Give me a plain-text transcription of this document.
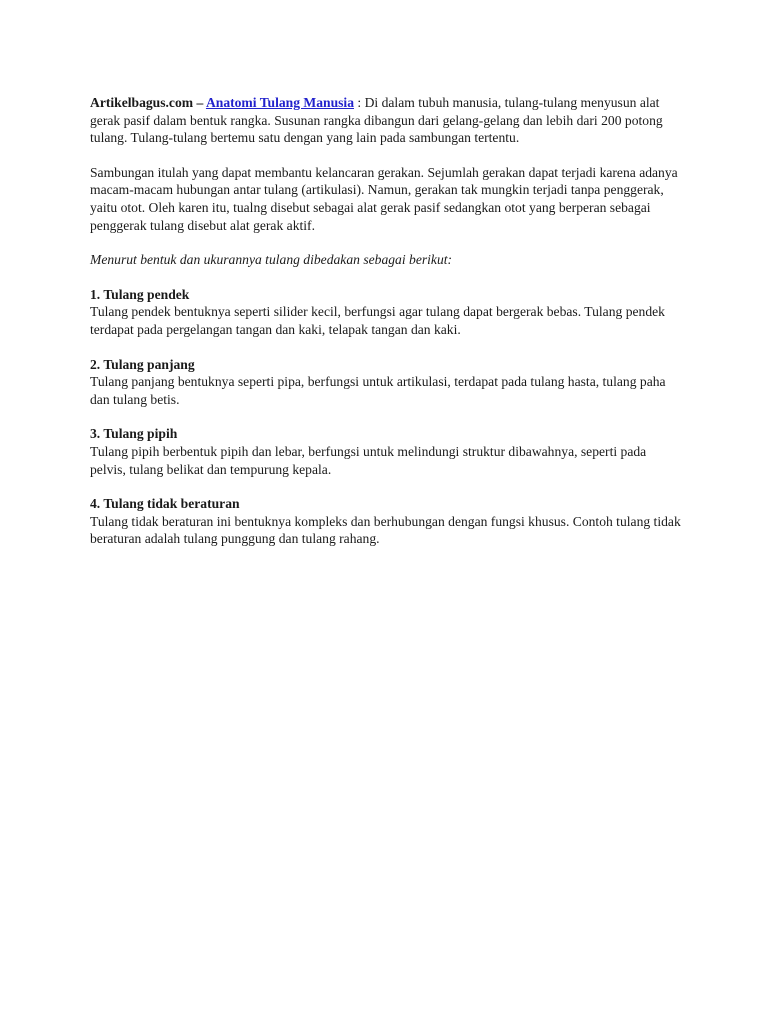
Artikelbagus.com – Anatomi Tulang Manusia : Di dalam tubuh manusia, tulang-tulang menyusun alat gerak pasif dalam bentuk rangka. Susunan rangka dibangun dari gelang-gelang dan lebih dari 200 potong tulang. Tulang-tulang bertemu satu dengan yang lain pada sambungan tertentu.

Sambungan itulah yang dapat membantu kelancaran gerakan. Sejumlah gerakan dapat terjadi karena adanya macam-macam hubungan antar tulang (artikulasi). Namun, gerakan tak mungkin terjadi tanpa penggerak, yaitu otot. Oleh karen itu, tualng disebut sebagai alat gerak pasif sedangkan otot yang berperan sebagai penggerak tulang disebut alat gerak aktif.

Menurut bentuk dan ukurannya tulang dibedakan sebagai berikut:

1. Tulang pendek
Tulang pendek bentuknya seperti silider kecil, berfungsi agar tulang dapat bergerak bebas. Tulang pendek terdapat pada pergelangan tangan dan kaki, telapak tangan dan kaki.

2. Tulang panjang
Tulang panjang bentuknya seperti pipa, berfungsi untuk artikulasi, terdapat pada tulang hasta, tulang paha dan tulang betis.

3. Tulang pipih
Tulang pipih berbentuk pipih dan lebar, berfungsi untuk melindungi struktur dibawahnya, seperti pada pelvis, tulang belikat dan tempurung kepala.

4. Tulang tidak beraturan
Tulang tidak beraturan ini bentuknya kompleks dan berhubungan dengan fungsi khusus. Contoh tulang tidak beraturan adalah tulang punggung dan tulang rahang.
